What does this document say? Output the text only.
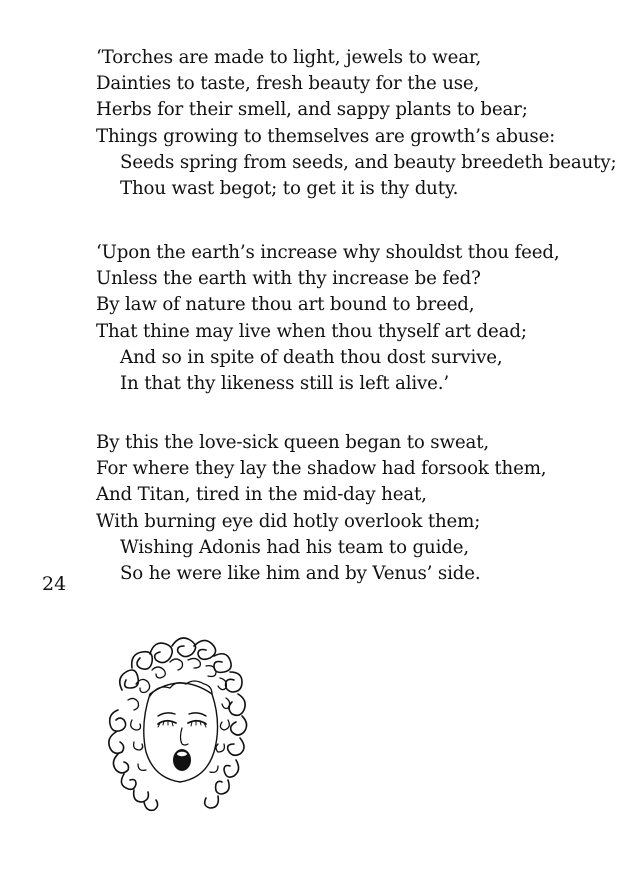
‘Torches are made to light, jewels to wear,
Dainties to taste, fresh beauty for the use,
Herbs for their smell, and sappy plants to bear;
Things growing to themselves are growth’s abuse:
Seeds spring from seeds, and beauty breedeth beauty;
Thou wast begot; to get it is thy duty.
‘Upon the earth’s increase why shouldst thou feed,
Unless the earth with thy increase be fed?
By law of nature thou art bound to breed,
That thine may live when thou thyself art dead;
And so in spite of death thou dost survive,
In that thy likeness still is left alive.’
By this the love-sick queen began to sweat,
For where they lay the shadow had forsook them,
And Titan, tired in the mid-day heat,
With burning eye did hotly overlook them;
Wishing Adonis had his team to guide,
So he were like him and by Venus’ side.
24
